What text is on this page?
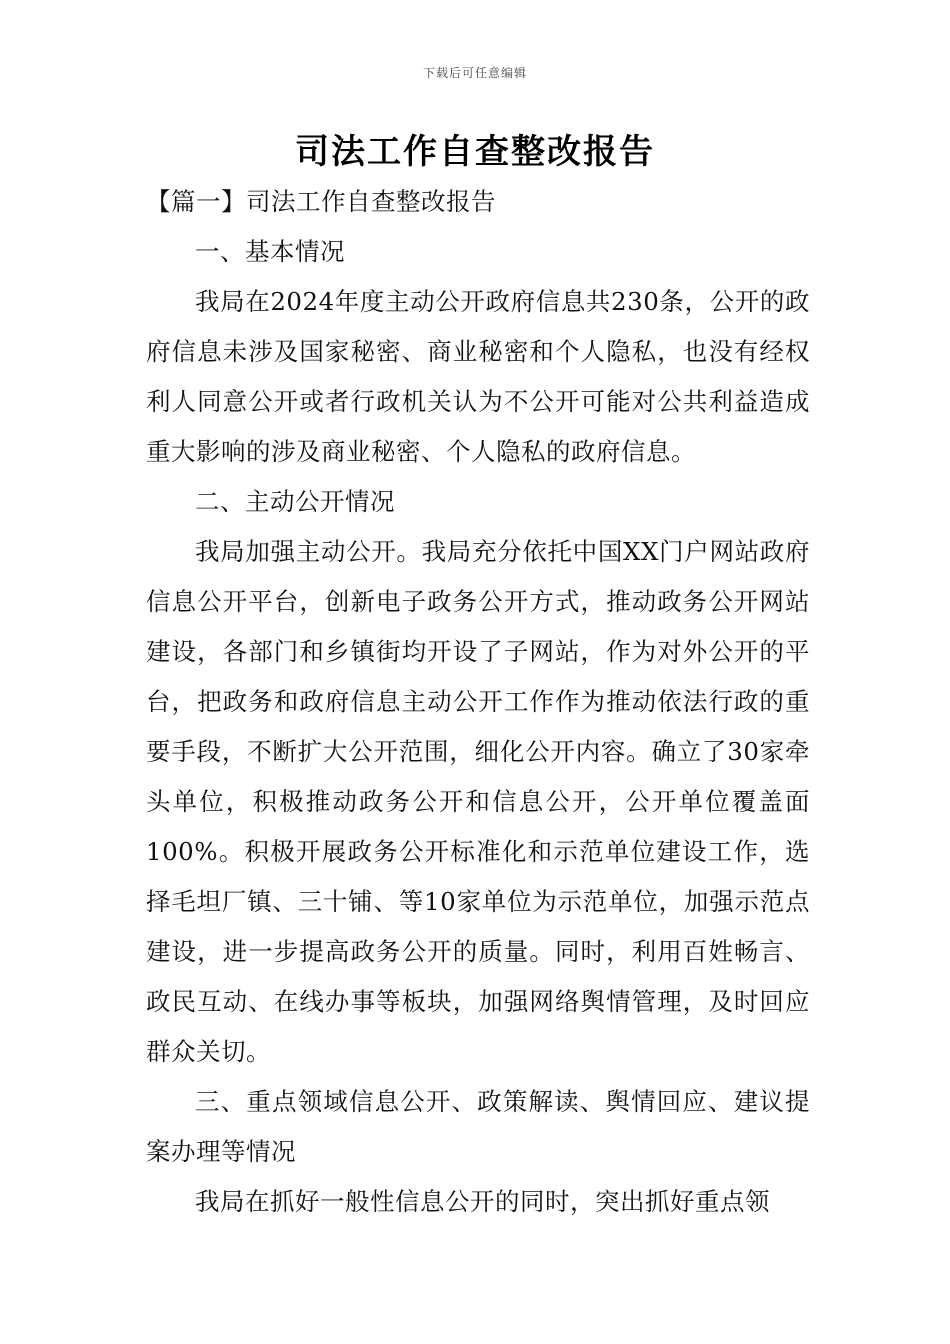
下载后可任意编辑
司法工作自查整改报告

【篇一】司法工作自查整改报告

一、基本情况

我局在2024年度主动公开政府信息共230条，公开的政府信息未涉及国家秘密、商业秘密和个人隐私，也没有经权利人同意公开或者行政机关认为不公开可能对公共利益造成重大影响的涉及商业秘密、个人隐私的政府信息。

二、主动公开情况

我局加强主动公开。我局充分依托中国XX门户网站政府信息公开平台，创新电子政务公开方式，推动政务公开网站建设，各部门和乡镇街均开设了子网站，作为对外公开的平台，把政务和政府信息主动公开工作作为推动依法行政的重要手段，不断扩大公开范围，细化公开内容。确立了30家牵头单位，积极推动政务公开和信息公开，公开单位覆盖面100%。积极开展政务公开标准化和示范单位建设工作，选择毛坦厂镇、三十铺、等10家单位为示范单位，加强示范点建设，进一步提高政务公开的质量。同时，利用百姓畅言、政民互动、在线办事等板块，加强网络舆情管理，及时回应群众关切。

三、重点领域信息公开、政策解读、舆情回应、建议提案办理等情况

我局在抓好一般性信息公开的同时，突出抓好重点领
